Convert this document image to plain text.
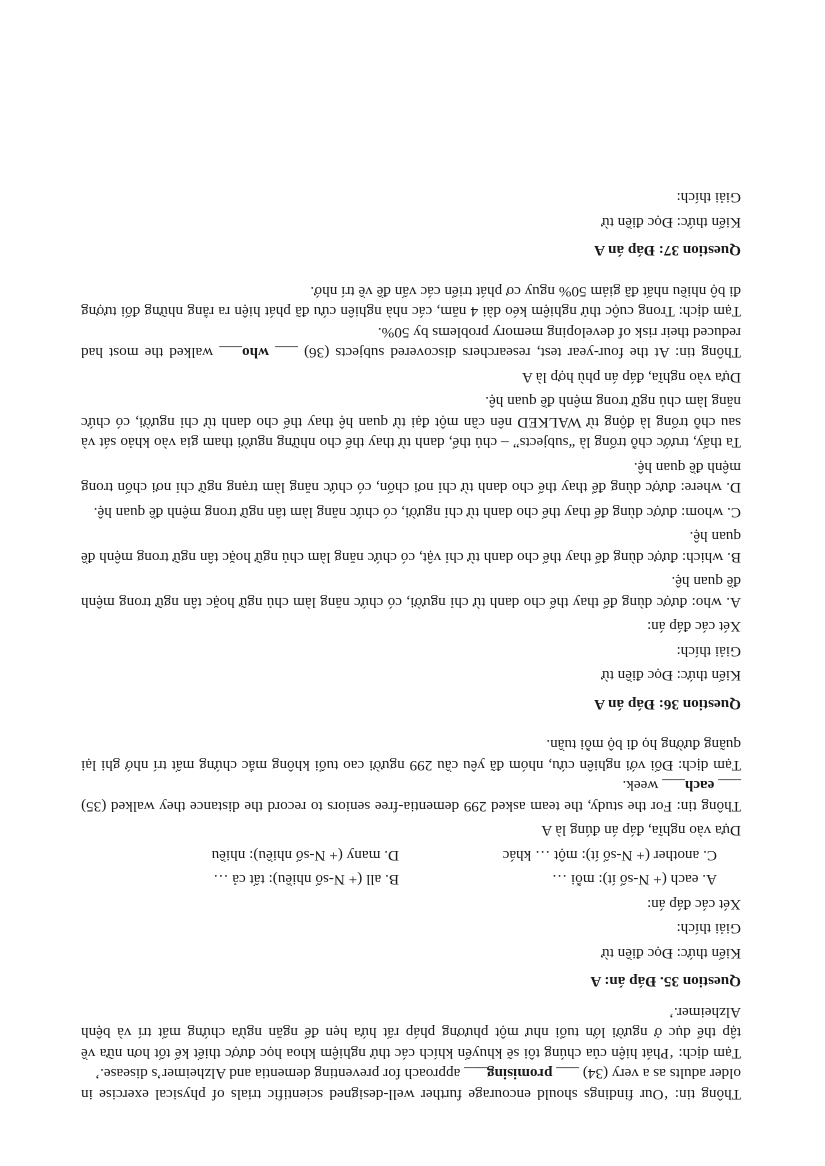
Thông tin: ‘Our findings should encourage further well-designed scientific trials of physical exercise in older adults as a very (34) ___ promising___ approach for preventing dementia and Alzheimer’s disease.’

Tạm dịch: ‘Phát hiện của chúng tôi sẽ khuyến khích các thử nghiệm khoa học được thiết kế tốt hơn nữa về tập thể dục ở người lớn tuổi như một phương pháp rất hứa hẹn để ngăn ngừa chứng mất trí và bệnh Alzheimer.’

Question 35. Đáp án: A

Kiến thức: Đọc điền từ

Giải thích:

Xét các đáp án:

A. each (+ N-số ít): mỗi …
B. all (+ N-số nhiều): tất cả …
C. another (+ N-số ít): một … khác
D. many (+ N-số nhiều): nhiều

Dựa vào nghĩa, đáp án đúng là A

Thông tin: For the study, the team asked 299 dementia-free seniors to record the distance they walked (35) ___ each___ week.

Tạm dịch: Đối với nghiên cứu, nhóm đã yêu cầu 299 người cao tuổi không mắc chứng mất trí nhớ ghi lại quãng đường họ đi bộ mỗi tuần.

Question 36: Đáp án A

Kiến thức: Đọc điền từ

Giải thích:

Xét các đáp án:

A. who: được dùng để thay thế cho danh từ chỉ người, có chức năng làm chủ ngữ hoặc tân ngữ trong mệnh đề quan hệ.

B. which: được dùng để thay thế cho danh từ chỉ vật, có chức năng làm chủ ngữ hoặc tân ngữ trong mệnh đề quan hệ.

C. whom: được dùng để thay thế cho danh từ chỉ người, có chức năng làm tân ngữ trong mệnh đề quan hệ.

D. where: được dùng để thay thế cho danh từ chỉ nơi chốn, có chức năng làm trạng ngữ chỉ nơi chốn trong mệnh đề quan hệ.

Ta thấy, trước chỗ trống là “subjects” – chủ thể, danh từ thay thế cho những người tham gia vào khảo sát và sau chỗ trống là động từ WALKED nên cần một đại từ quan hệ thay thế cho danh từ chỉ người, có chức năng làm chủ ngữ trong mệnh đề quan hệ.

Dựa vào nghĩa, đáp án phù hợp là A

Thông tin: At the four-year test, researchers discovered subjects (36) ___ who___ walked the most had reduced their risk of developing memory problems by 50%.

Tạm dịch: Trong cuộc thử nghiệm kéo dài 4 năm, các nhà nghiên cứu đã phát hiện ra rằng những đối tượng đi bộ nhiều nhất đã giảm 50% nguy cơ phát triển các vấn đề về trí nhớ.

Question 37: Đáp án A

Kiến thức: Đọc điền từ

Giải thích:
